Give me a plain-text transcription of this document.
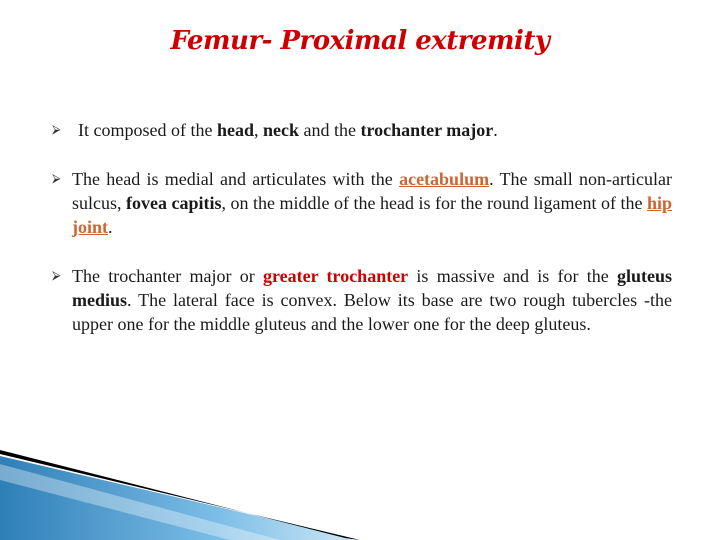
Femur- Proximal extremity
⮚ It composed of the head, neck and the trochanter major.
⮚ The head is medial and articulates with the acetabulum. The small non-articular sulcus, fovea capitis, on the middle of the head is for the round ligament of the hip joint.
⮚ The trochanter major or greater trochanter is massive and is for the gluteus medius. The lateral face is convex. Below its base are two rough tubercles -the upper one for the middle gluteus and the lower one for the deep gluteus.
